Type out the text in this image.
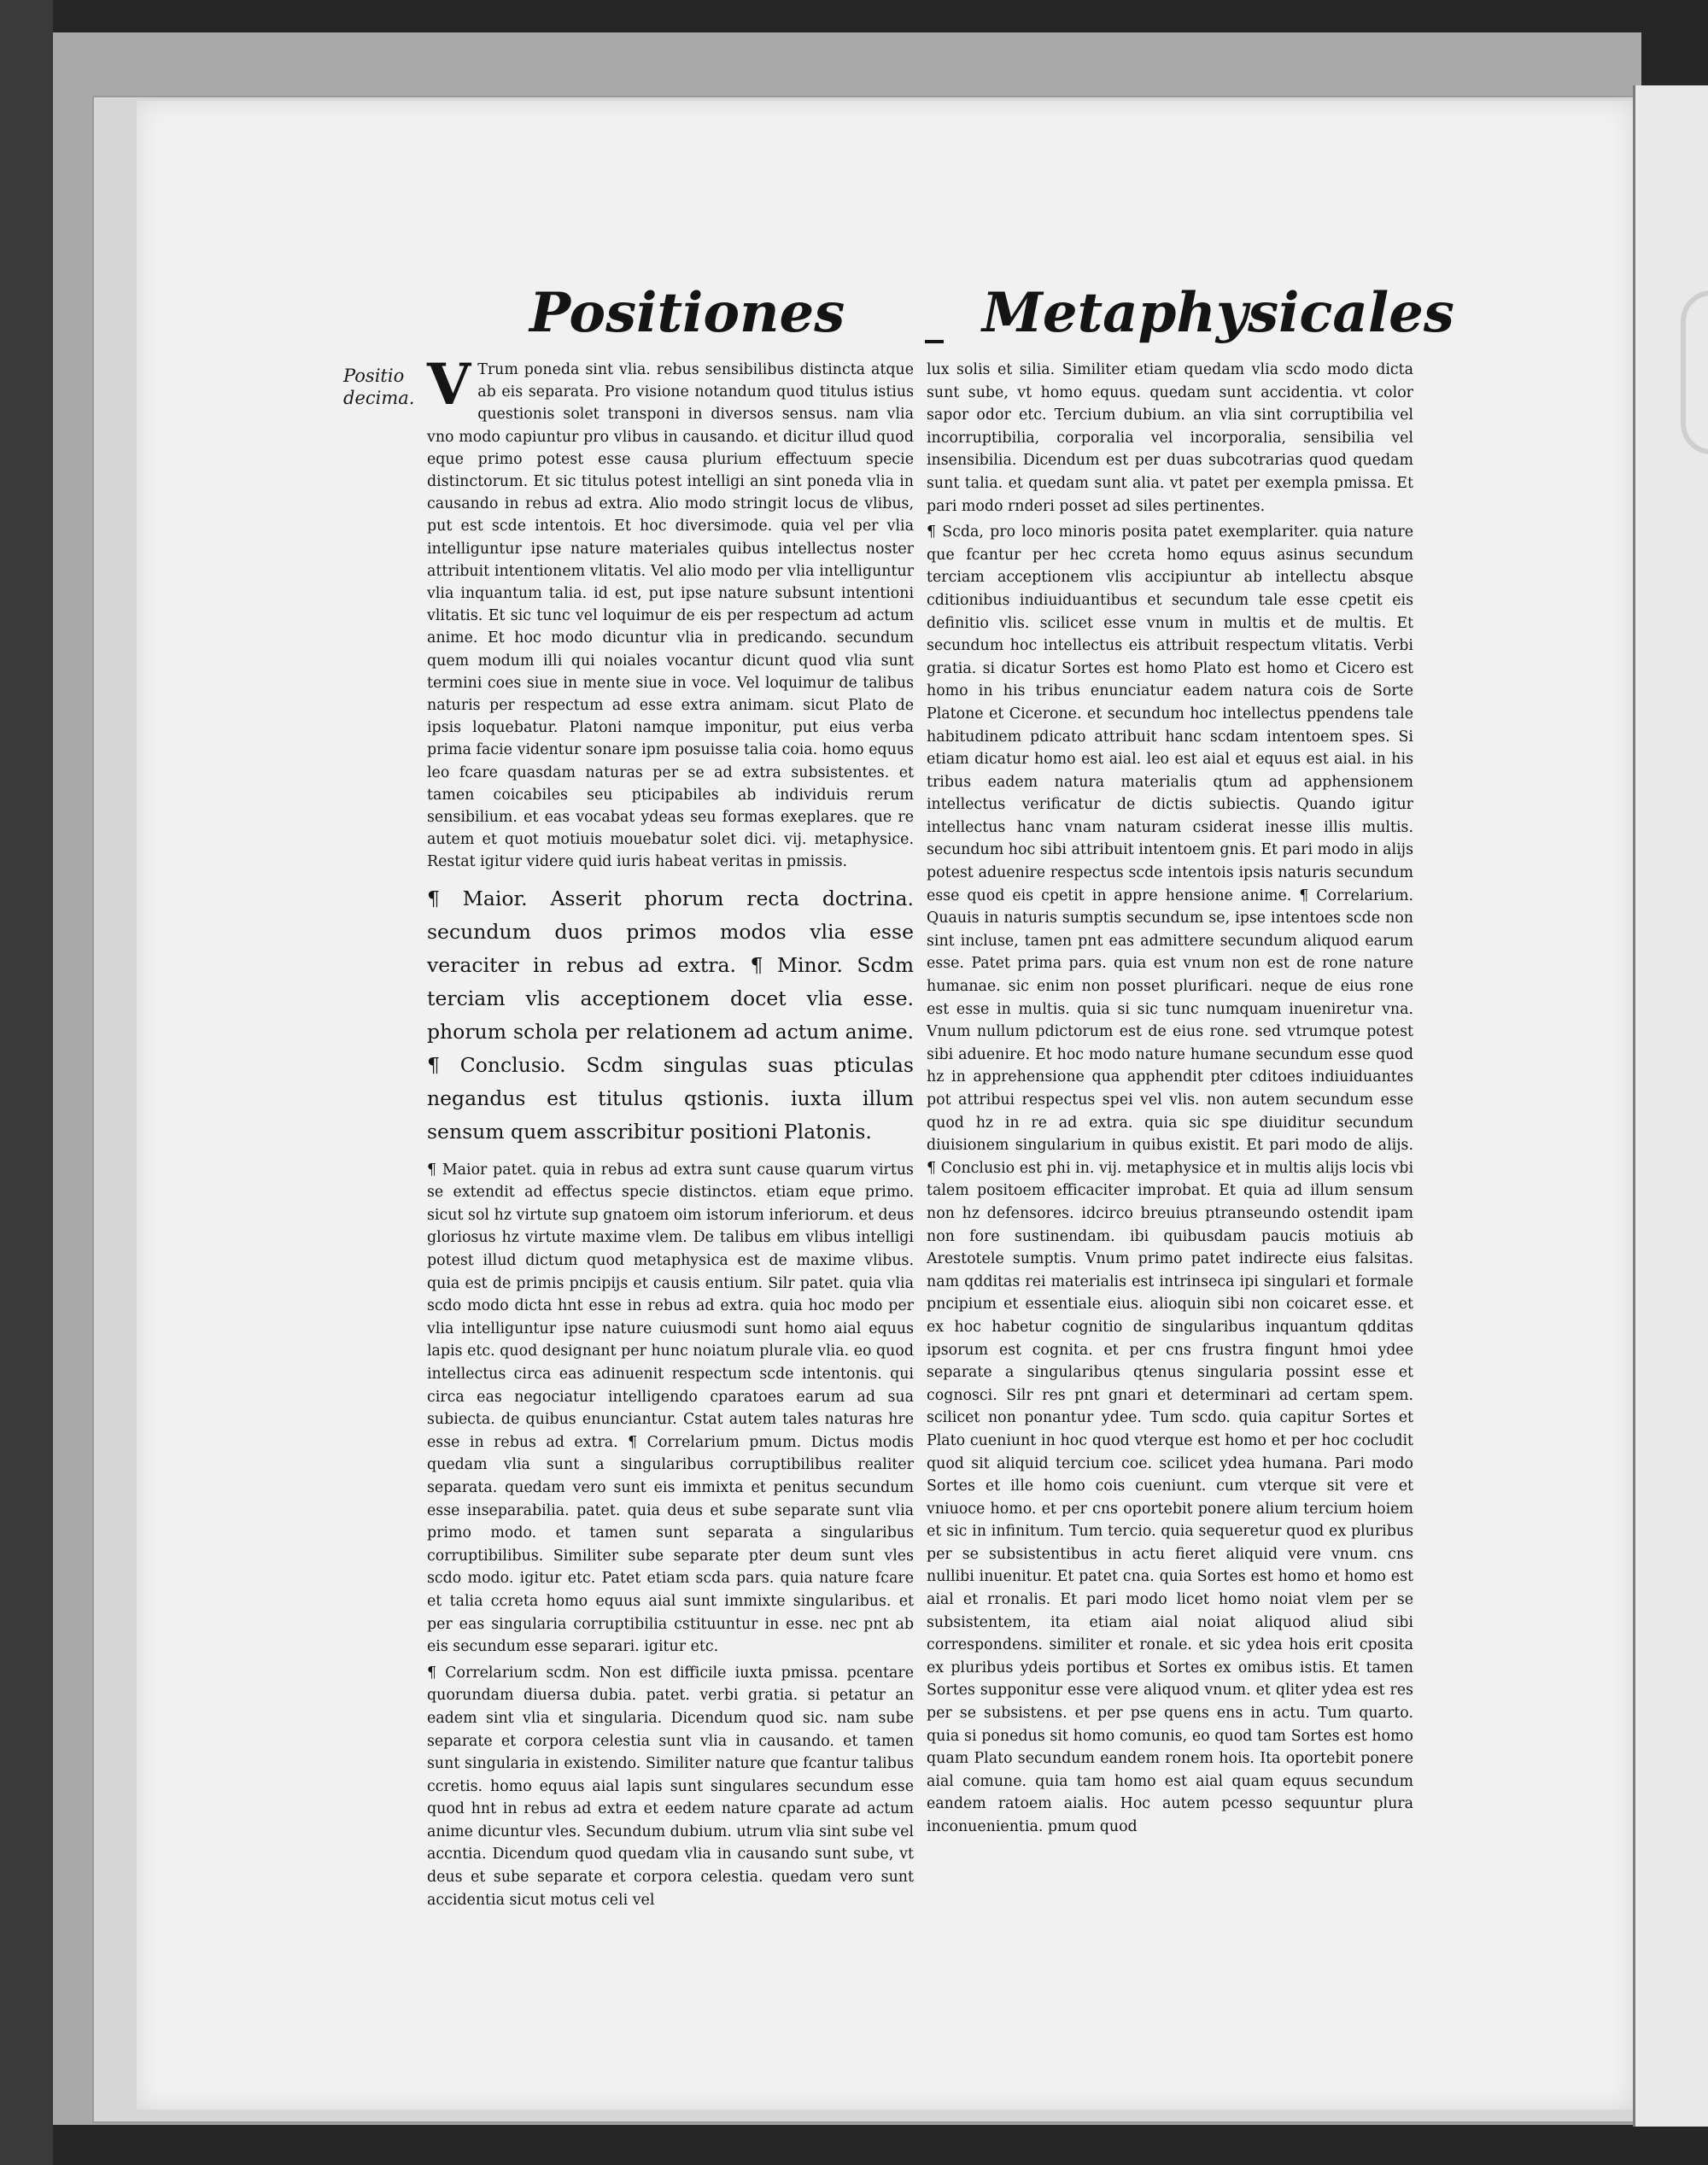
Positiones	Metaphysicales
Positio decima. V Trum poneda sint vlia. rebus sensibilibus distincta atque ab eis separata. Pro visione notandum quod titulus istius questionis solet transponi in diversos sensus. nam vlia vno modo capiuntur pro vlibus in causando. et dicitur illud quod eque primo potest esse causa plurium effectuum specie distinctorum. Et sic titulus potest intelligi an sint poneda vlia in causando in rebus ad extra. Alio modo stringit locus de vlibus, put est scde intentois. Et hoc diversimode. quia vel per vlia intelliguntur ipse nature materiales quibus intellectus noster attribuit intentionem vlitatis. Vel alio modo per vlia intelliguntur vlia inquantum talia. id est, put ipse nature subsunt intentioni vlitatis. Et sic tunc vel loquimur de eis per respectum ad actum anime. Et hoc modo dicuntur vlia in predicando. secundum quem modum illi qui noiales vocantur dicunt quod vlia sunt termini coes siue in mente siue in voce. Vel loquimur de talibus naturis per respectum ad esse extra animam. sicut Plato de ipsis loquebatur. Platoni namque imponitur, put eius verba prima facie videntur sonare ipm posuisse talia coia. homo equus leo fcare quasdam naturas per se ad extra subsistentes. et tamen coicabiles seu pticipabiles ab individuis rerum sensibilium. et eas vocabat ydeas seu formas exeplares. que re autem et quot motiuis mouebatur solet dici. vij. metaphysice. Restat igitur videre quid iuris habeat veritas in pmissis.

¶ Maior. Asserit phorum recta doctrina. secundum duos primos modos vlia esse veraciter in rebus ad extra. ¶ Minor. Scdm terciam vlis acceptionem docet vlia esse. phorum schola per relationem ad actum anime. ¶ Conclusio. Scdm singulas suas pticulas negandus est titulus qstionis. iuxta illum sensum quem asscribitur positioni Platonis.

¶ Maior patet. quia in rebus ad extra sunt cause quarum virtus se extendit ad effectus specie distinctos. etiam eque primo. sicut sol hz virtute sup gnatoem oim istorum inferiorum. et deus gloriosus hz virtute maxime vlem. De talibus em vlibus intelligi potest illud dictum quod metaphysica est de maxime vlibus. quia est de primis pncipijs et causis entium. Silr patet. quia vlia scdo modo dicta hnt esse in rebus ad extra. quia hoc modo per vlia intelliguntur ipse nature cuiusmodi sunt homo aial equus lapis etc. quod designant per hunc noiatum plurale vlia. eo quod intellectus circa eas adinuenit respectum scde intentonis. qui circa eas negociatur intelligendo cparatoes earum ad sua subiecta. de quibus enunciantur. Cstat autem tales naturas hre esse in rebus ad extra. ¶ Correlarium pmum. Dictus modis quedam vlia sunt a singularibus corruptibilibus realiter separata. quedam vero sunt eis immixta et penitus secundum esse inseparabilia. patet. quia deus et sube separate sunt vlia primo modo. et tamen sunt separata a singularibus corruptibilibus. Similiter sube separate pter deum sunt vles scdo modo. igitur etc. Patet etiam scda pars. quia nature fcare et talia ccreta homo equus aial sunt immixte singularibus. et per eas singularia corruptibilia cstituuntur in esse. nec pnt ab eis secundum esse separari. igitur etc.

¶ Correlarium scdm. Non est difficile iuxta pmissa. pcentare quorundam diuersa dubia. patet. verbi gratia. si petatur an eadem sint vlia et singularia. Dicendum quod sic. nam sube separate et corpora celestia sunt vlia in causando. et tamen sunt singularia in existendo. Similiter nature que fcantur talibus ccretis. homo equus aial lapis sunt singulares secundum esse quod hnt in rebus ad extra et eedem nature cparate ad actum anime dicuntur vles. Secundum dubium. utrum vlia sint sube vel accntia. Dicendum quod quedam vlia in causando sunt sube, vt deus et sube separate et corpora celestia. quedam vero sunt accidentia sicut motus celi vel

lux solis et silia. Similiter etiam quedam vlia scdo modo dicta sunt sube, vt homo equus. quedam sunt accidentia. vt color sapor odor etc. Tercium dubium. an vlia sint corruptibilia vel incorruptibilia, corporalia vel incorporalia, sensibilia vel insensibilia. Dicendum est per duas subcotrarias quod quedam sunt talia. et quedam sunt alia. vt patet per exempla pmissa. Et pari modo rnderi posset ad siles pertinentes.

¶ Scda, pro loco minoris posita patet exemplariter. quia nature que fcantur per hec ccreta homo equus asinus secundum terciam acceptionem vlis accipiuntur ab intellectu absque cditionibus indiuiduantibus et secundum tale esse cpetit eis definitio vlis. scilicet esse vnum in multis et de multis. Et secundum hoc intellectus eis attribuit respectum vlitatis. Verbi gratia. si dicatur Sortes est homo Plato est homo et Cicero est homo in his tribus enunciatur eadem natura cois de Sorte Platone et Cicerone. et secundum hoc intellectus ppendens tale habitudinem pdicato attribuit hanc scdam intentoem spes. Si etiam dicatur homo est aial. leo est aial et equus est aial. in his tribus eadem natura materialis qtum ad apphensionem intellectus verificatur de dictis subiectis. Quando igitur intellectus hanc vnam naturam csiderat inesse illis multis. secundum hoc sibi attribuit intentoem gnis. Et pari modo in alijs potest aduenire respectus scde intentois ipsis naturis secundum esse quod eis cpetit in appre hensione anime. ¶ Correlarium. Quauis in naturis sumptis secundum se, ipse intentoes scde non sint incluse, tamen pnt eas admittere secundum aliquod earum esse. Patet prima pars. quia est vnum non est de rone nature humanae. sic enim non posset plurificari. neque de eius rone est esse in multis. quia si sic tunc numquam inueniretur vna. Vnum nullum pdictorum est de eius rone. sed vtrumque potest sibi aduenire. Et hoc modo nature humane secundum esse quod hz in apprehensione qua apphendit pter cditoes indiuiduantes pot attribui respectus spei vel vlis. non autem secundum esse quod hz in re ad extra. quia sic spe diuiditur secundum diuisionem singularium in quibus existit. Et pari modo de alijs. ¶ Conclusio est phi in. vij. metaphysice et in multis alijs locis vbi talem positoem efficaciter improbat. Et quia ad illum sensum non hz defensores. idcirco breuius ptranseundo ostendit ipam non fore sustinendam. ibi quibusdam paucis motiuis ab Arestotele sumptis. Vnum primo patet indirecte eius falsitas. nam qdditas rei materialis est intrinseca ipi singulari et formale pncipium et essentiale eius. alioquin sibi non coicaret esse. et ex hoc habetur cognitio de singularibus inquantum qdditas ipsorum est cognita. et per cns frustra fingunt hmoi ydee separate a singularibus qtenus singularia possint esse et cognosci. Silr res pnt gnari et determinari ad certam spem. scilicet non ponantur ydee. Tum scdo. quia capitur Sortes et Plato cueniunt in hoc quod vterque est homo et per hoc cocludit quod sit aliquid tercium coe. scilicet ydea humana. Pari modo Sortes et ille homo cois cueniunt. cum vterque sit vere et vniuoce homo. et per cns oportebit ponere alium tercium hoiem et sic in infinitum. Tum tercio. quia sequeretur quod ex pluribus per se subsistentibus in actu fieret aliquid vere vnum. cns nullibi inuenitur. Et patet cna. quia Sortes est homo et homo est aial et rronalis. Et pari modo licet homo noiat vlem per se subsistentem, ita etiam aial noiat aliquod aliud sibi correspondens. similiter et ronale. et sic ydea hois erit cposita ex pluribus ydeis portibus et Sortes ex omibus istis. Et tamen Sortes supponitur esse vere aliquod vnum. et qliter ydea est res per se subsistens. et per pse quens ens in actu. Tum quarto. quia si ponedus sit homo comunis, eo quod tam Sortes est homo quam Plato secundum eandem ronem hois. Ita oportebit ponere aial comune. quia tam homo est aial quam equus secundum eandem ratoem aialis. Hoc autem pcesso sequuntur plura inconuenientia. pmum quod
